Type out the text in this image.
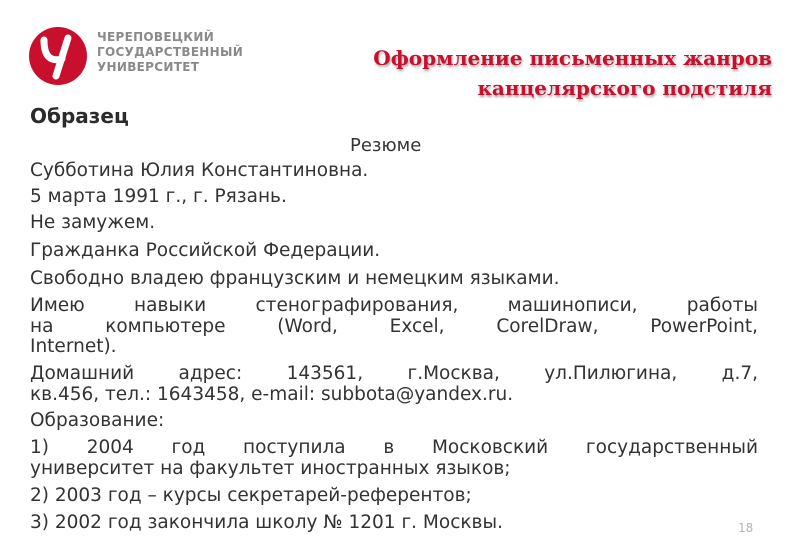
ЧЕРЕПОВЕЦКИЙ
ГОСУДАРСТВЕННЫЙ
УНИВЕРСИТЕТ	Оформление письменных жанров
канцелярского подстиля
Образец
Резюме
Субботина Юлия Константиновна.
5 марта 1991 г., г. Рязань.
Не замужем.
Гражданка Российской Федерации.
Свободно владею французским и немецким языками.
Имею навыки стенографирования, машинописи, работы
на компьютере (Word, Excel, CorelDraw, PowerPoint,
Internet).
Домашний адрес: 143561, г.Москва, ул.Пилюгина, д.7,
кв.456, тел.: 1643458, e-mail: subbota@yandex.ru.
Образование:
1) 2004 год поступила в Московский государственный
университет на факультет иностранных языков;
2) 2003 год – курсы секретарей-референтов;
3) 2002 год закончила школу № 1201 г. Москвы.	18
